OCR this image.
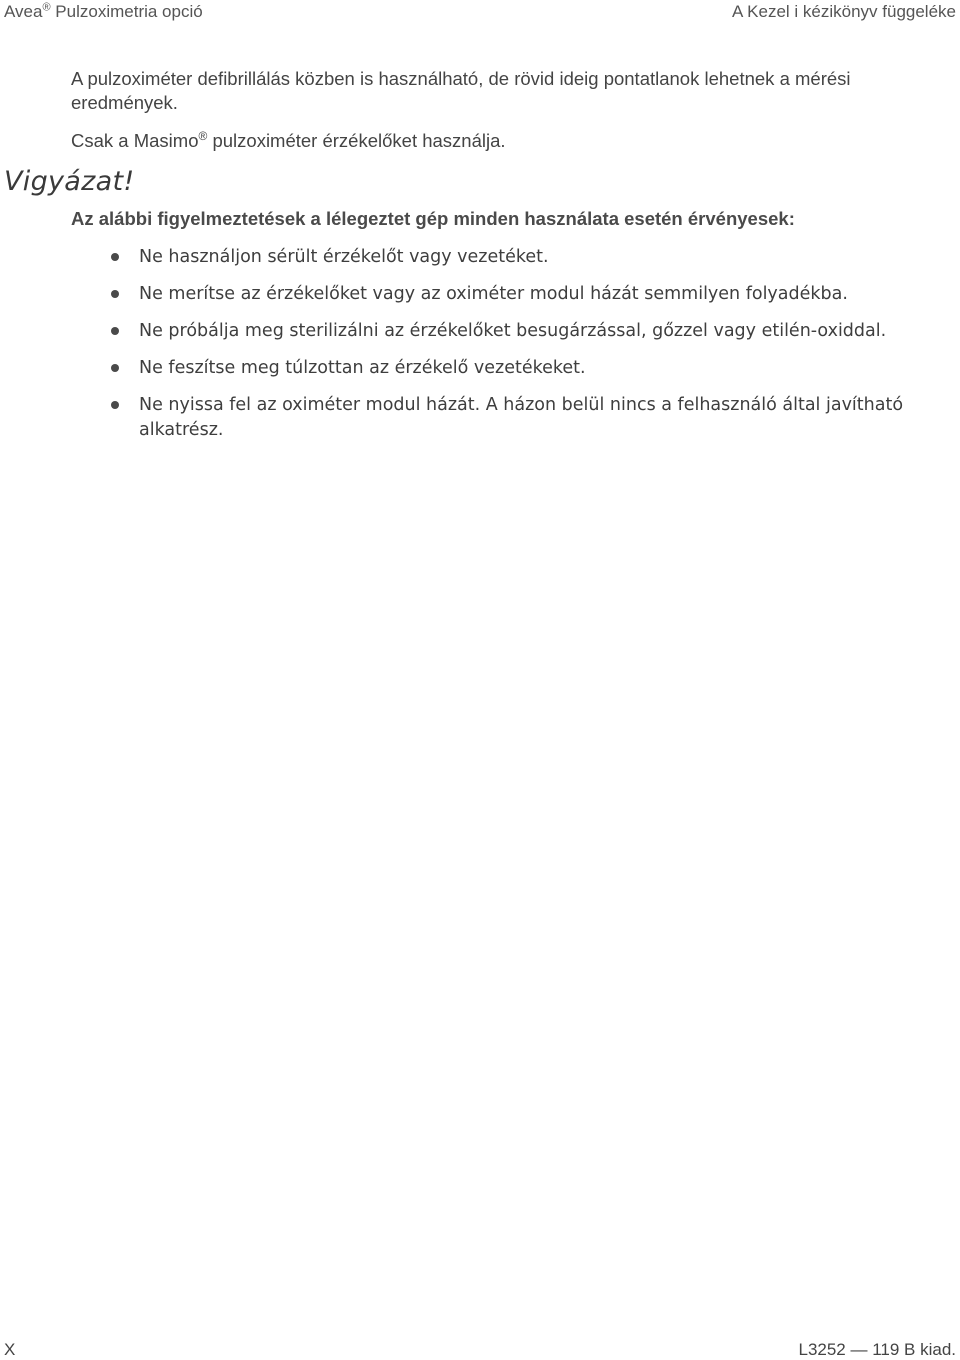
Avea® Pulzoximetria opció	A Kezel i kézikönyv függeléke
A pulzoximéter defibrillálás közben is használható, de rövid ideig pontatlanok lehetnek a mérési eredmények.
Csak a Masimo® pulzoximéter érzékelőket használja.
Vigyázat!
Az alábbi figyelmeztetések a lélegeztet gép minden használata esetén érvényesek:
Ne használjon sérült érzékelőt vagy vezetéket.
Ne merítse az érzékelőket vagy az oximéter modul házát semmilyen folyadékba.
Ne próbálja meg sterilizálni az érzékelőket besugárzással, gőzzel vagy etilén-oxiddal.
Ne feszítse meg túlzottan az érzékelő vezetékeket.
Ne nyissa fel az oximéter modul házát. A házon belül nincs a felhasználó által javítható alkatrész.
X	L3252 — 119 B kiad.
